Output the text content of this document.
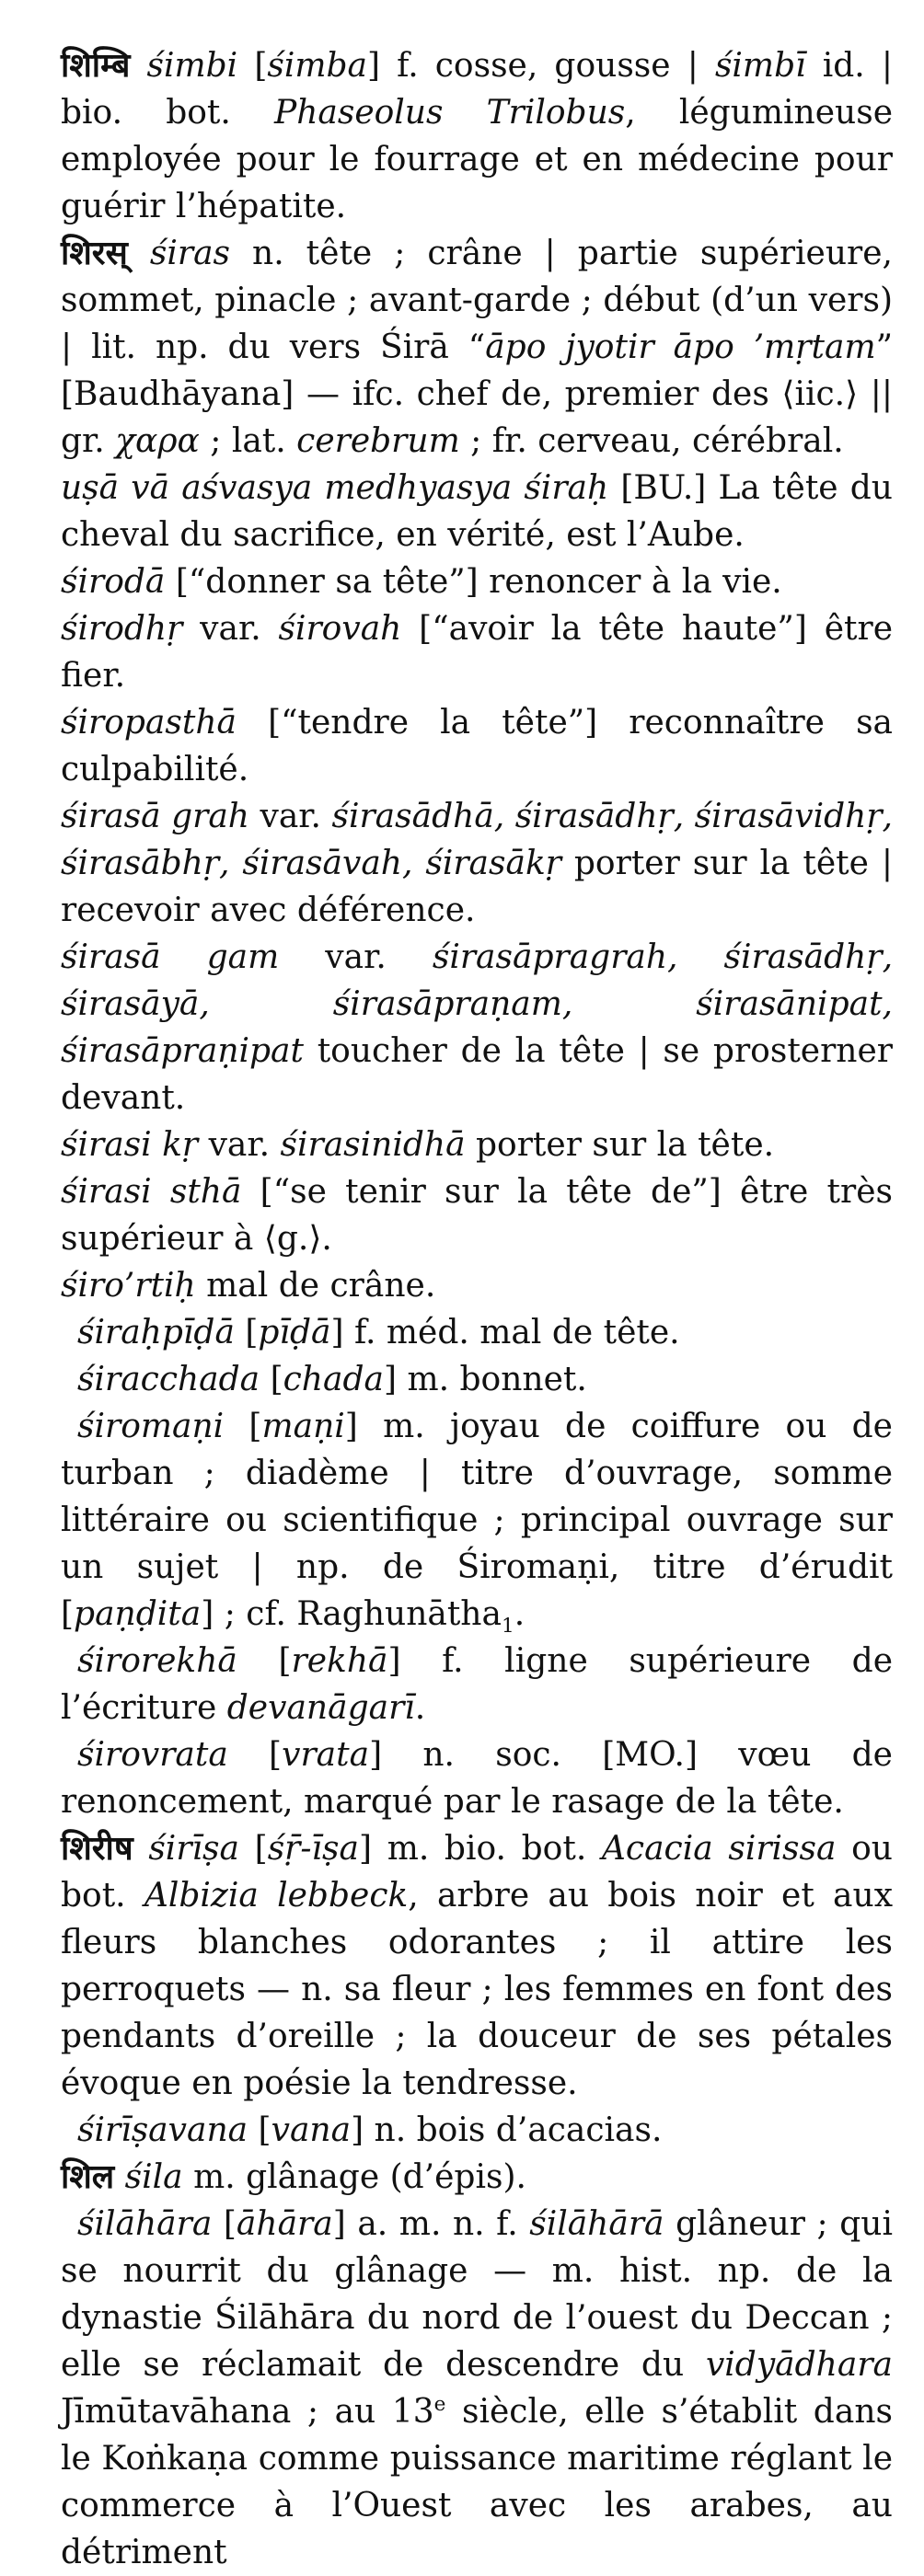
शिम्बि śimbi [śimba] f. cosse, gousse | śimbī id. | bio. bot. Phaseolus Trilobus, légumineuse employée pour le fourrage et en médecine pour guérir l’hépatite.

शिरस् śiras n. tête ; crâne | partie supérieure, sommet, pinacle ; avant-garde ; début (d’un vers) | lit. np. du vers Śirā “āpo jyotir āpo ’mṛtam” [Baudhāyana] — ifc. chef de, premier des ⟨iic.⟩ || gr. χαρα ; lat. cerebrum ; fr. cerveau, cérébral.

uṣā vā aśvasya medhyasya śiraḥ [BU.] La tête du cheval du sacrifice, en vérité, est l’Aube.

śirodā [“donner sa tête”] renoncer à la vie.

śirodhṛ var. śirovah [“avoir la tête haute”] être fier.

śiropasthā [“tendre la tête”] reconnaître sa culpabilité.

śirasā grah var. śirasādhā, śirasādhṛ, śirasāvidhṛ, śirasābhṛ, śirasāvah, śirasākṛ porter sur la tête | recevoir avec déférence.

śirasā gam var. śirasāpragrah, śirasādhṛ, śirasāyā, śirasāpraṇam, śirasānipat, śirasāpraṇipat toucher de la tête | se prosterner devant.

śirasi kṛ var. śirasinidhā porter sur la tête.

śirasi sthā [“se tenir sur la tête de”] être très supérieur à ⟨g.⟩.

śiro’rtiḥ mal de crâne.

śiraḥpīḍā [pīḍā] f. méd. mal de tête.

śiracchada [chada] m. bonnet.

śiromaṇi [maṇi] m. joyau de coiffure ou de turban ; diadème | titre d’ouvrage, somme littéraire ou scientifique ; principal ouvrage sur un sujet | np. de Śiromaṇi, titre d’érudit [paṇḍita] ; cf. Raghunātha$_1$.

śirorekhā [rekhā] f. ligne supérieure de l’écriture devanāgarī.

śirovrata [vrata] n. soc. [MO.] vœu de renoncement, marqué par le rasage de la tête.

शिरीष śirīṣa [śṝ-īṣa] m. bio. bot. Acacia sirissa ou bot. Albizia lebbeck, arbre au bois noir et aux fleurs blanches odorantes ; il attire les perroquets — n. sa fleur ; les femmes en font des pendants d’oreille ; la douceur de ses pétales évoque en poésie la tendresse.

śirīṣavana [vana] n. bois d’acacias.

शिल śila m. glânage (d’épis).

śilāhāra [āhāra] a. m. n. f. śilāhārā glâneur ; qui se nourrit du glânage — m. hist. np. de la dynastie Śilāhāra du nord de l’ouest du Deccan ; elle se réclamait de descendre du vidyādhara Jīmūtavāhana ; au 13e siècle, elle s’établit dans le Koṅkaṇa comme puissance maritime réglant le commerce à l’Ouest avec les arabes, au détriment
